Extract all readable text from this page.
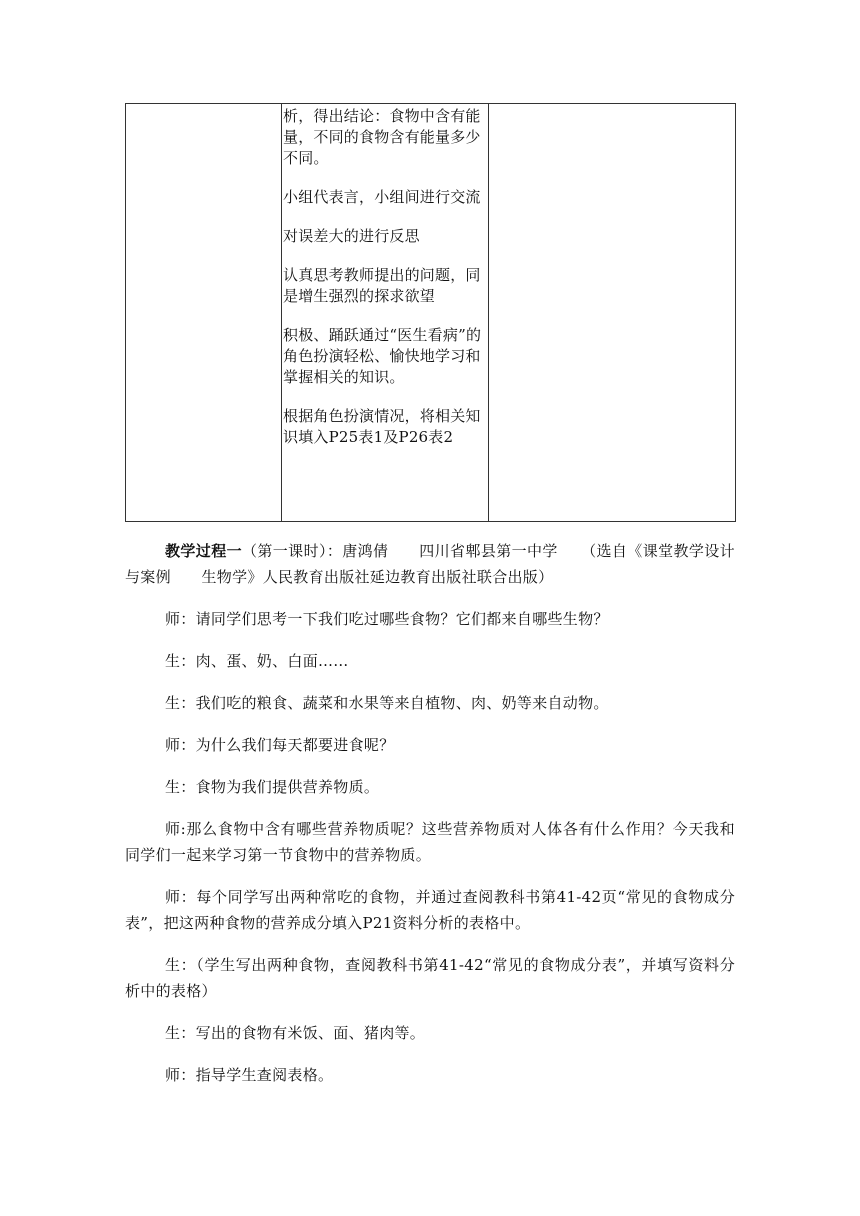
析，得出结论：食物中含有能量，不同的食物含有能量多少不同。

小组代表言，小组间进行交流

对误差大的进行反思

认真思考教师提出的问题，同是增生强烈的探求欲望

积极、踊跃通过“医生看病”的角色扮演轻松、愉快地学习和掌握相关的知识。

根据角色扮演情况，将相关知识填入P25表1及P26表2

教学过程一（第一课时）：唐鸿倩　　四川省郫县第一中学　　（选自《课堂教学设计与案例　　生物学》人民教育出版社延边教育出版社联合出版）

师：请同学们思考一下我们吃过哪些食物？它们都来自哪些生物？

生：肉、蛋、奶、白面……

生：我们吃的粮食、蔬菜和水果等来自植物、肉、奶等来自动物。

师：为什么我们每天都要进食呢？

生：食物为我们提供营养物质。

师:那么食物中含有哪些营养物质呢？这些营养物质对人体各有什么作用？今天我和同学们一起来学习第一节食物中的营养物质。

师：每个同学写出两种常吃的食物，并通过查阅教科书第41-42页“常见的食物成分表”，把这两种食物的营养成分填入P21资料分析的表格中。

生：（学生写出两种食物，查阅教科书第41-42“常见的食物成分表”，并填写资料分析中的表格）

生：写出的食物有米饭、面、猪肉等。

师：指导学生查阅表格。
